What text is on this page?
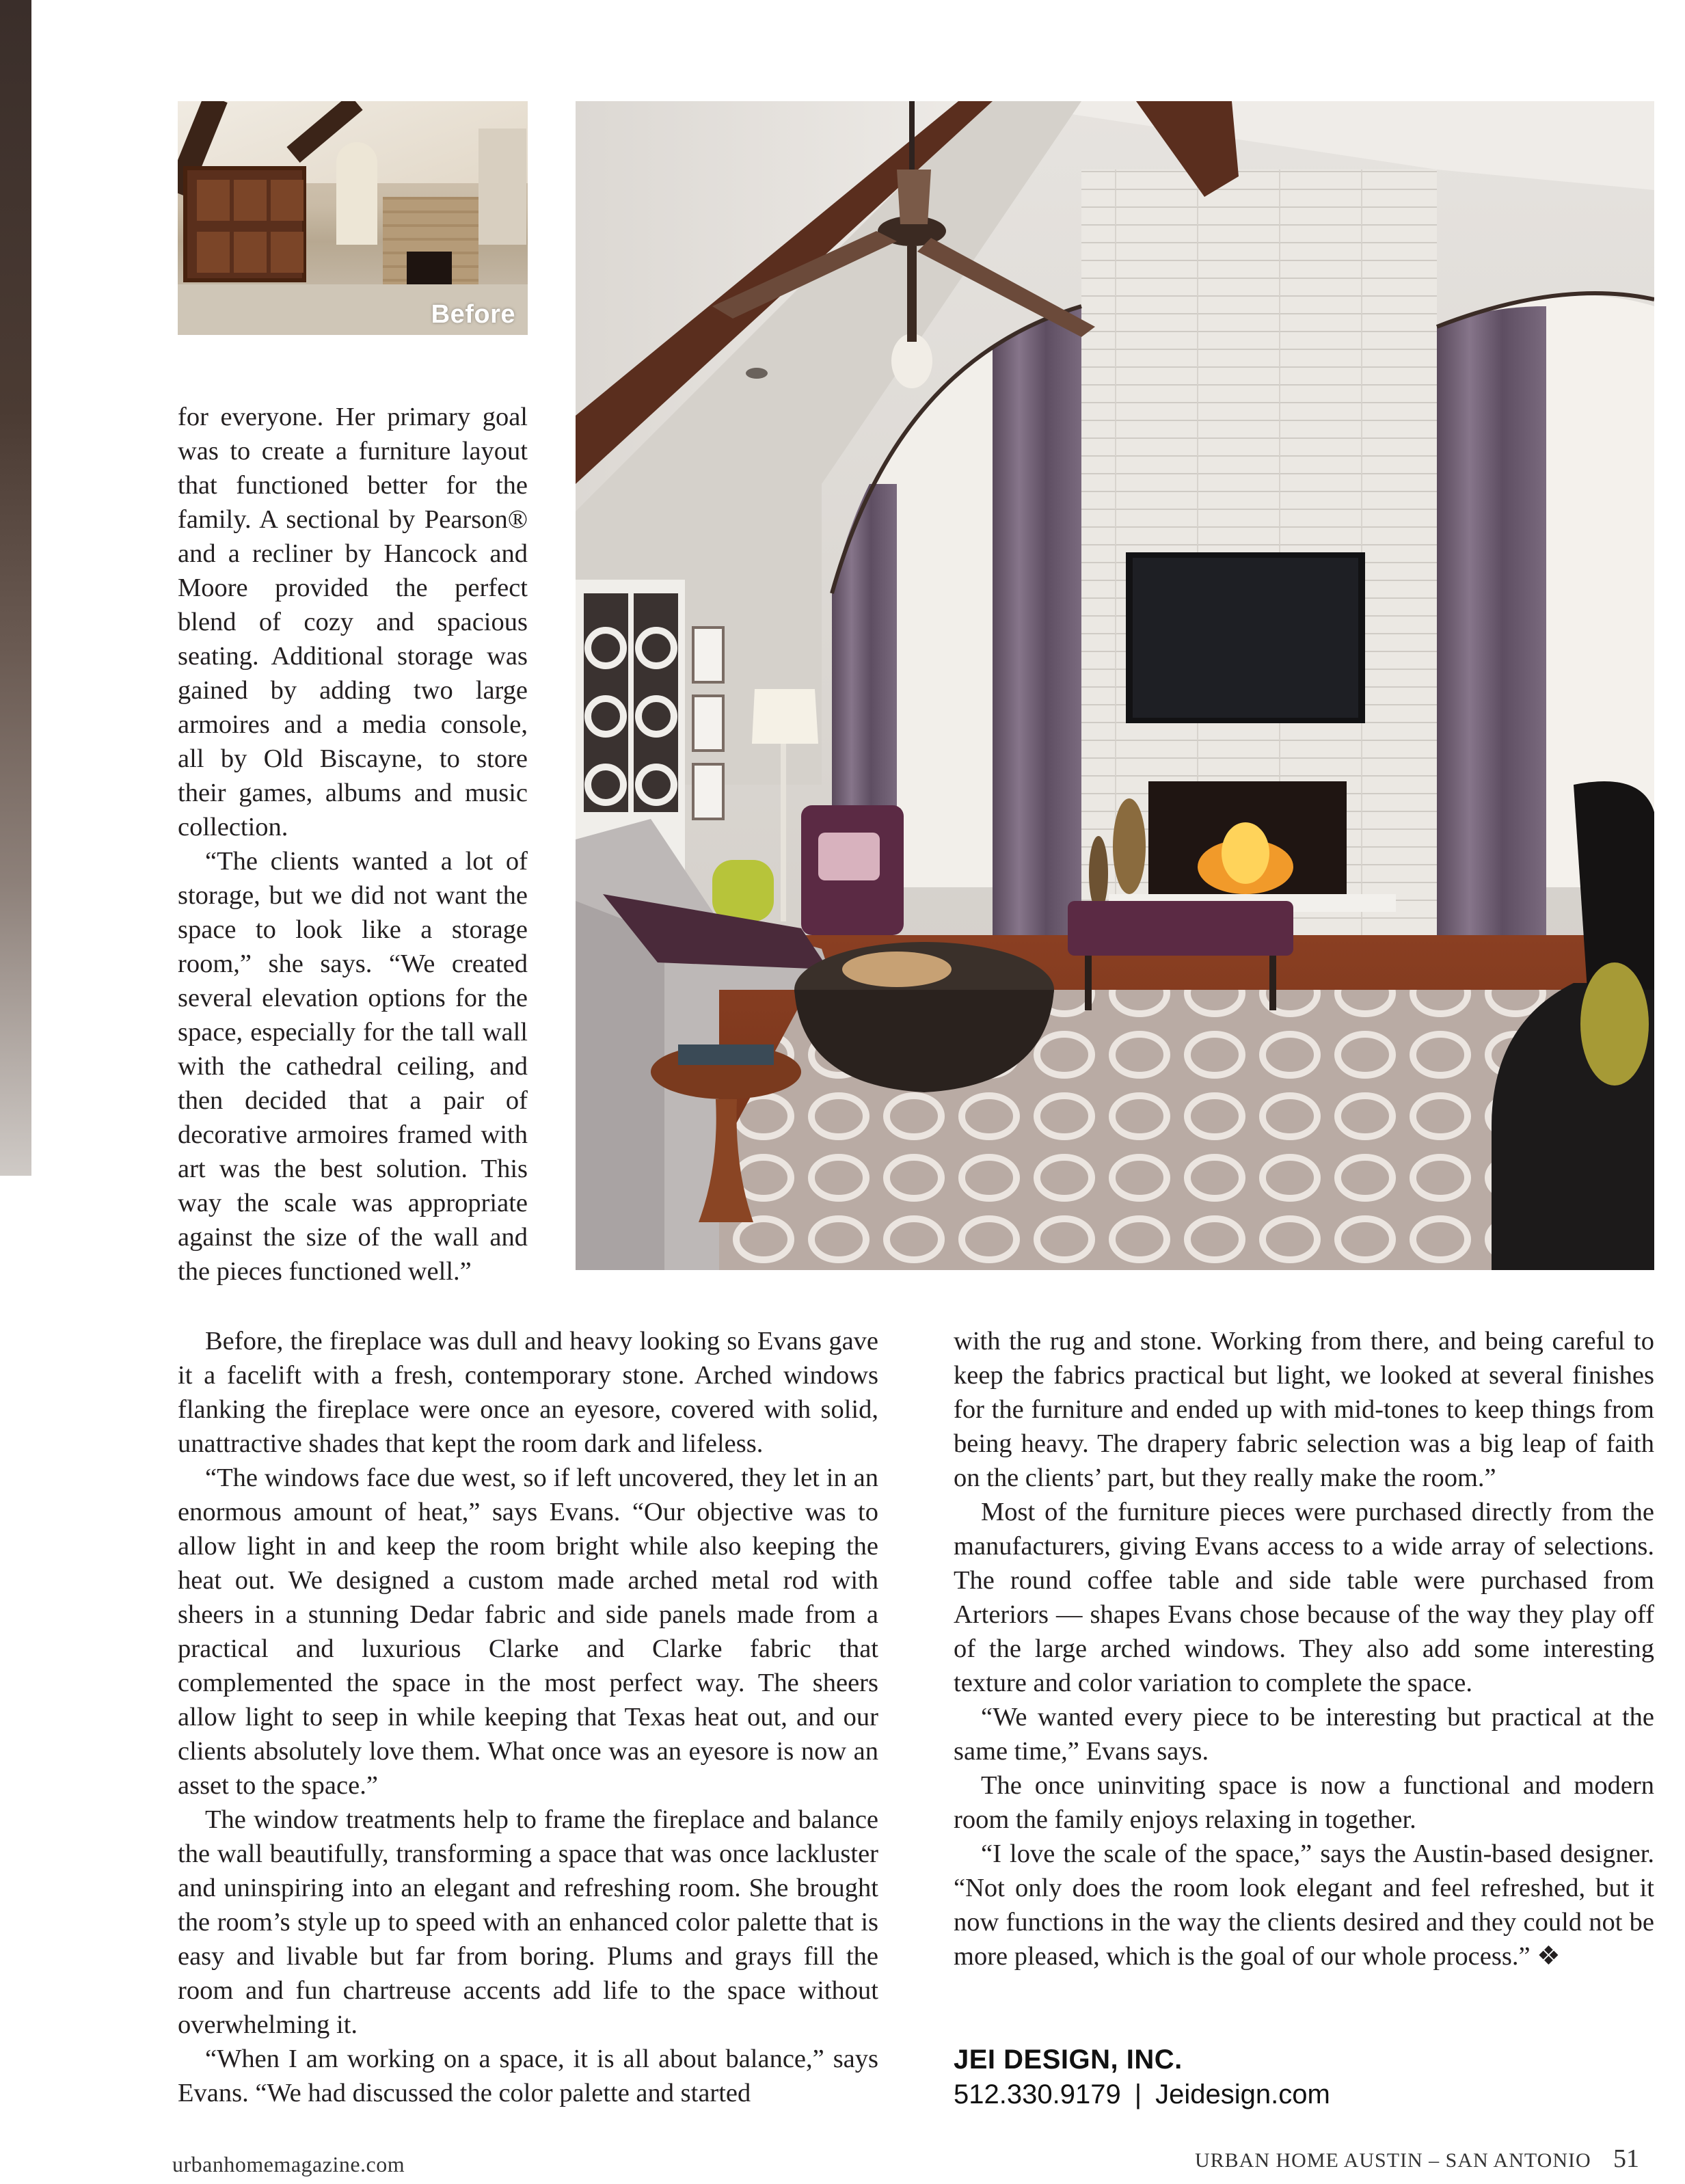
Before

for everyone. Her primary goal was to create a furniture layout that functioned better for the family. A sectional by Pearson® and a recliner by Hancock and Moore provided the perfect blend of cozy and spacious seating. Additional storage was gained by adding two large armoires and a media console, all by Old Biscayne, to store their games, albums and music collection.

“The clients wanted a lot of storage, but we did not want the space to look like a storage room,” she says. “We created several elevation options for the space, especially for the tall wall with the cathedral ceiling, and then decided that a pair of decorative armoires framed with art was the best solution. This way the scale was appropriate against the size of the wall and the pieces functioned well.”

Before, the fireplace was dull and heavy looking so Evans gave it a facelift with a fresh, contemporary stone. Arched windows flanking the fireplace were once an eyesore, covered with solid, unattractive shades that kept the room dark and lifeless.

“The windows face due west, so if left uncovered, they let in an enormous amount of heat,” says Evans. “Our objective was to allow light in and keep the room bright while also keeping the heat out. We designed a custom made arched metal rod with sheers in a stunning Dedar fabric and side panels made from a practical and luxurious Clarke and Clarke fabric that complemented the space in the most perfect way. The sheers allow light to seep in while keeping that Texas heat out, and our clients absolutely love them. What once was an eyesore is now an asset to the space.”

The window treatments help to frame the fireplace and balance the wall beautifully, transforming a space that was once lackluster and uninspiring into an elegant and refreshing room. She brought the room’s style up to speed with an enhanced color palette that is easy and livable but far from boring. Plums and grays fill the room and fun chartreuse accents add life to the space without overwhelming it.

“When I am working on a space, it is all about balance,” says Evans. “We had discussed the color palette and started

with the rug and stone. Working from there, and being careful to keep the fabrics practical but light, we looked at several finishes for the furniture and ended up with mid-tones to keep things from being heavy. The drapery fabric selection was a big leap of faith on the clients’ part, but they really make the room.”

Most of the furniture pieces were purchased directly from the manufacturers, giving Evans access to a wide array of selections. The round coffee table and side table were purchased from Arteriors — shapes Evans chose because of the way they play off of the large arched windows. They also add some interesting texture and color variation to complete the space.

“We wanted every piece to be interesting but practical at the same time,” Evans says.

The once uninviting space is now a functional and modern room the family enjoys relaxing in together.

“I love the scale of the space,” says the Austin-based designer. “Not only does the room look elegant and feel refreshed, but it now functions in the way the clients desired and they could not be more pleased, which is the goal of our whole process.” ❖

JEI DESIGN, INC.
512.330.9179 | Jeidesign.com
urbanhomemagazine.com	URBAN HOME AUSTIN – SAN ANTONIO 51
